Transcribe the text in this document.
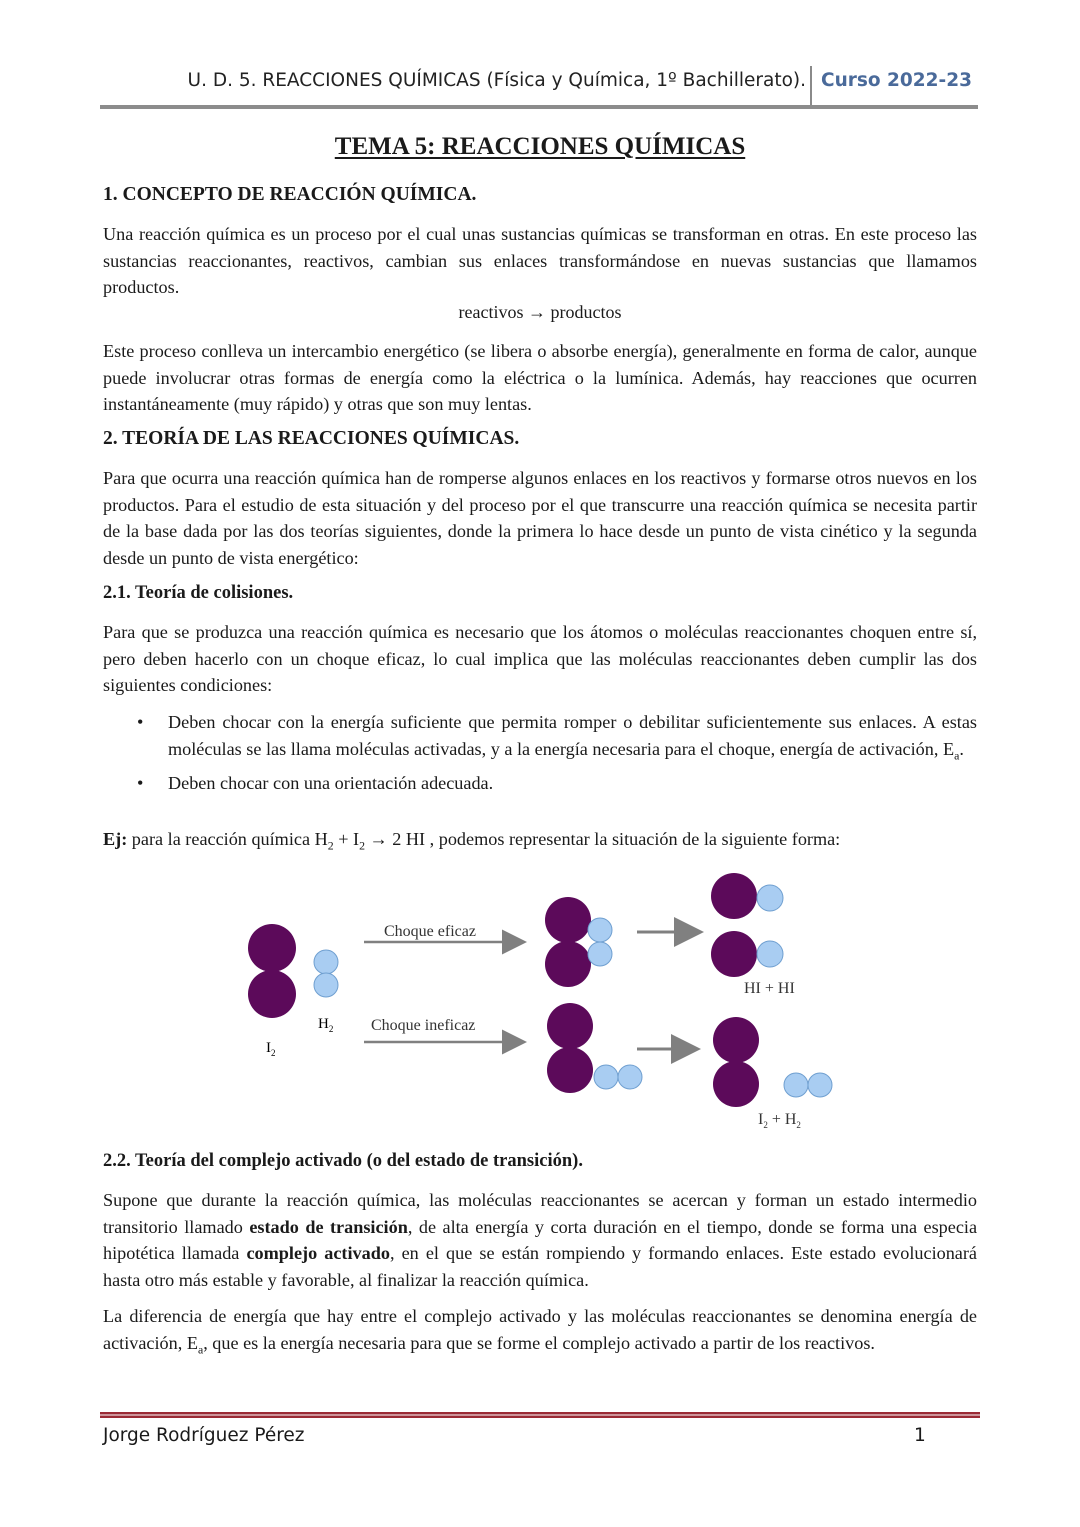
U. D. 5. REACCIONES QUÍMICAS (Física y Química, 1º Bachillerato). Curso 2022-23
TEMA 5: REACCIONES QUÍMICAS
1. CONCEPTO DE REACCIÓN QUÍMICA.
Una reacción química es un proceso por el cual unas sustancias químicas se transforman en otras. En este proceso las sustancias reaccionantes, reactivos, cambian sus enlaces transformándose en nuevas sustancias que llamamos productos.
reactivos → productos
Este proceso conlleva un intercambio energético (se libera o absorbe energía), generalmente en forma de calor, aunque puede involucrar otras formas de energía como la eléctrica o la lumínica. Además, hay reacciones que ocurren instantáneamente (muy rápido) y otras que son muy lentas.
2. TEORÍA DE LAS REACCIONES QUÍMICAS.
Para que ocurra una reacción química han de romperse algunos enlaces en los reactivos y formarse otros nuevos en los productos. Para el estudio de esta situación y del proceso por el que transcurre una reacción química se necesita partir de la base dada por las dos teorías siguientes, donde la primera lo hace desde un punto de vista cinético y la segunda desde un punto de vista energético:
2.1. Teoría de colisiones.
Para que se produzca una reacción química es necesario que los átomos o moléculas reaccionantes choquen entre sí, pero deben hacerlo con un choque eficaz, lo cual implica que las moléculas reaccionantes deben cumplir las dos siguientes condiciones:
• Deben chocar con la energía suficiente que permita romper o debilitar suficientemente sus enlaces. A estas moléculas se las llama moléculas activadas, y a la energía necesaria para el choque, energía de activación, $E_a$.
• Deben chocar con una orientación adecuada.
Ej: para la reacción química $H_2 + I_2 \to 2$ HI , podemos representar la situación de la siguiente forma:
$I_2$
$H_2$
Choque eficaz
Choque ineficaz
HI + HI
$I_2 + H_2$
2.2. Teoría del complejo activado (o del estado de transición).
Supone que durante la reacción química, las moléculas reaccionantes se acercan y forman un estado intermedio transitorio llamado estado de transición, de alta energía y corta duración en el tiempo, donde se forma una especia hipotética llamada complejo activado, en el que se están rompiendo y formando enlaces. Este estado evolucionará hasta otro más estable y favorable, al finalizar la reacción química.
La diferencia de energía que hay entre el complejo activado y las moléculas reaccionantes se denomina energía de activación, $E_a$, que es la energía necesaria para que se forme el complejo activado a partir de los reactivos.
Jorge Rodríguez Pérez	1
